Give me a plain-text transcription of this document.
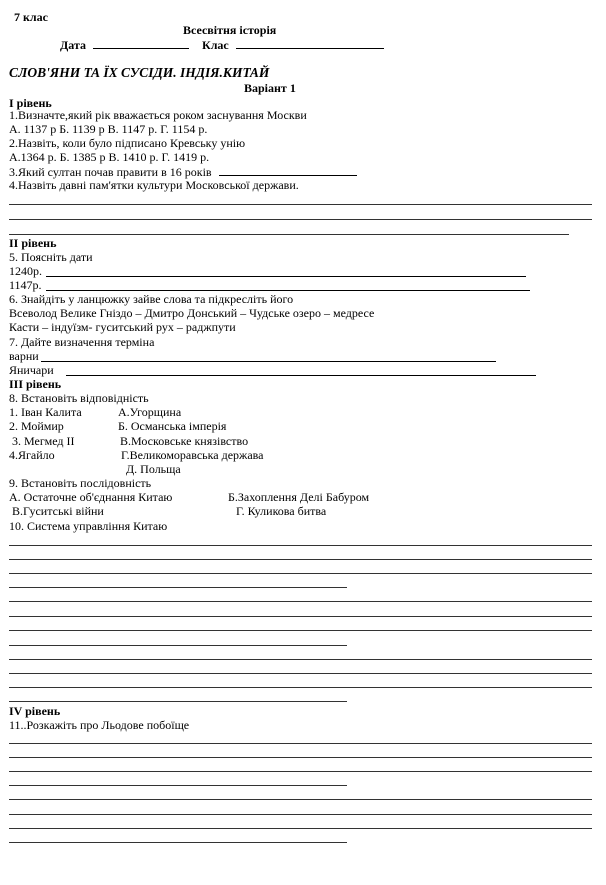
7 клас
Всесвітня історія
Дата	Клас
СЛОВ'ЯНИ ТА ЇХ СУСІДИ. ІНДІЯ.КИТАЙ
Варіант 1
І рівень
1.Визначте,який рік вважається роком заснування Москви
А. 1137 р Б. 1139 р В. 1147 р. Г. 1154 р.
2.Назвіть, коли було підписано Кревську унію
А.1364 р. Б. 1385 р В. 1410 р. Г. 1419 р.
3.Який султан почав правити в 16 років
4.Назвіть давні пам'ятки культури Московської держави.
ІІ рівень
5. Поясніть дати
1240р.
1147р.
6. Знайдіть у ланцюжку зайве слова та підкресліть його
Всеволод Велике Гніздо – Дмитро Донський – Чудське озеро – медресе
Касти – індуїзм- гуситський рух – раджпути
7. Дайте визначення терміна
варни
Яничари
ІІІ рівень
8. Встановіть відповідність
1. Іван Калита	А.Угорщина
2. Моймир	Б. Османська імперія
3. Мегмед ІІ	В.Московське князівство
4.Ягайло	Г.Великоморавська держава
Д. Польща
9. Встановіть послідовність
А. Остаточне об'єднання Китаю	Б.Захоплення Делі Бабуром
В.Гуситські війни	Г. Куликова битва
10. Система управління Китаю
IV рівень
11..Розкажіть про Льодове побоїще
